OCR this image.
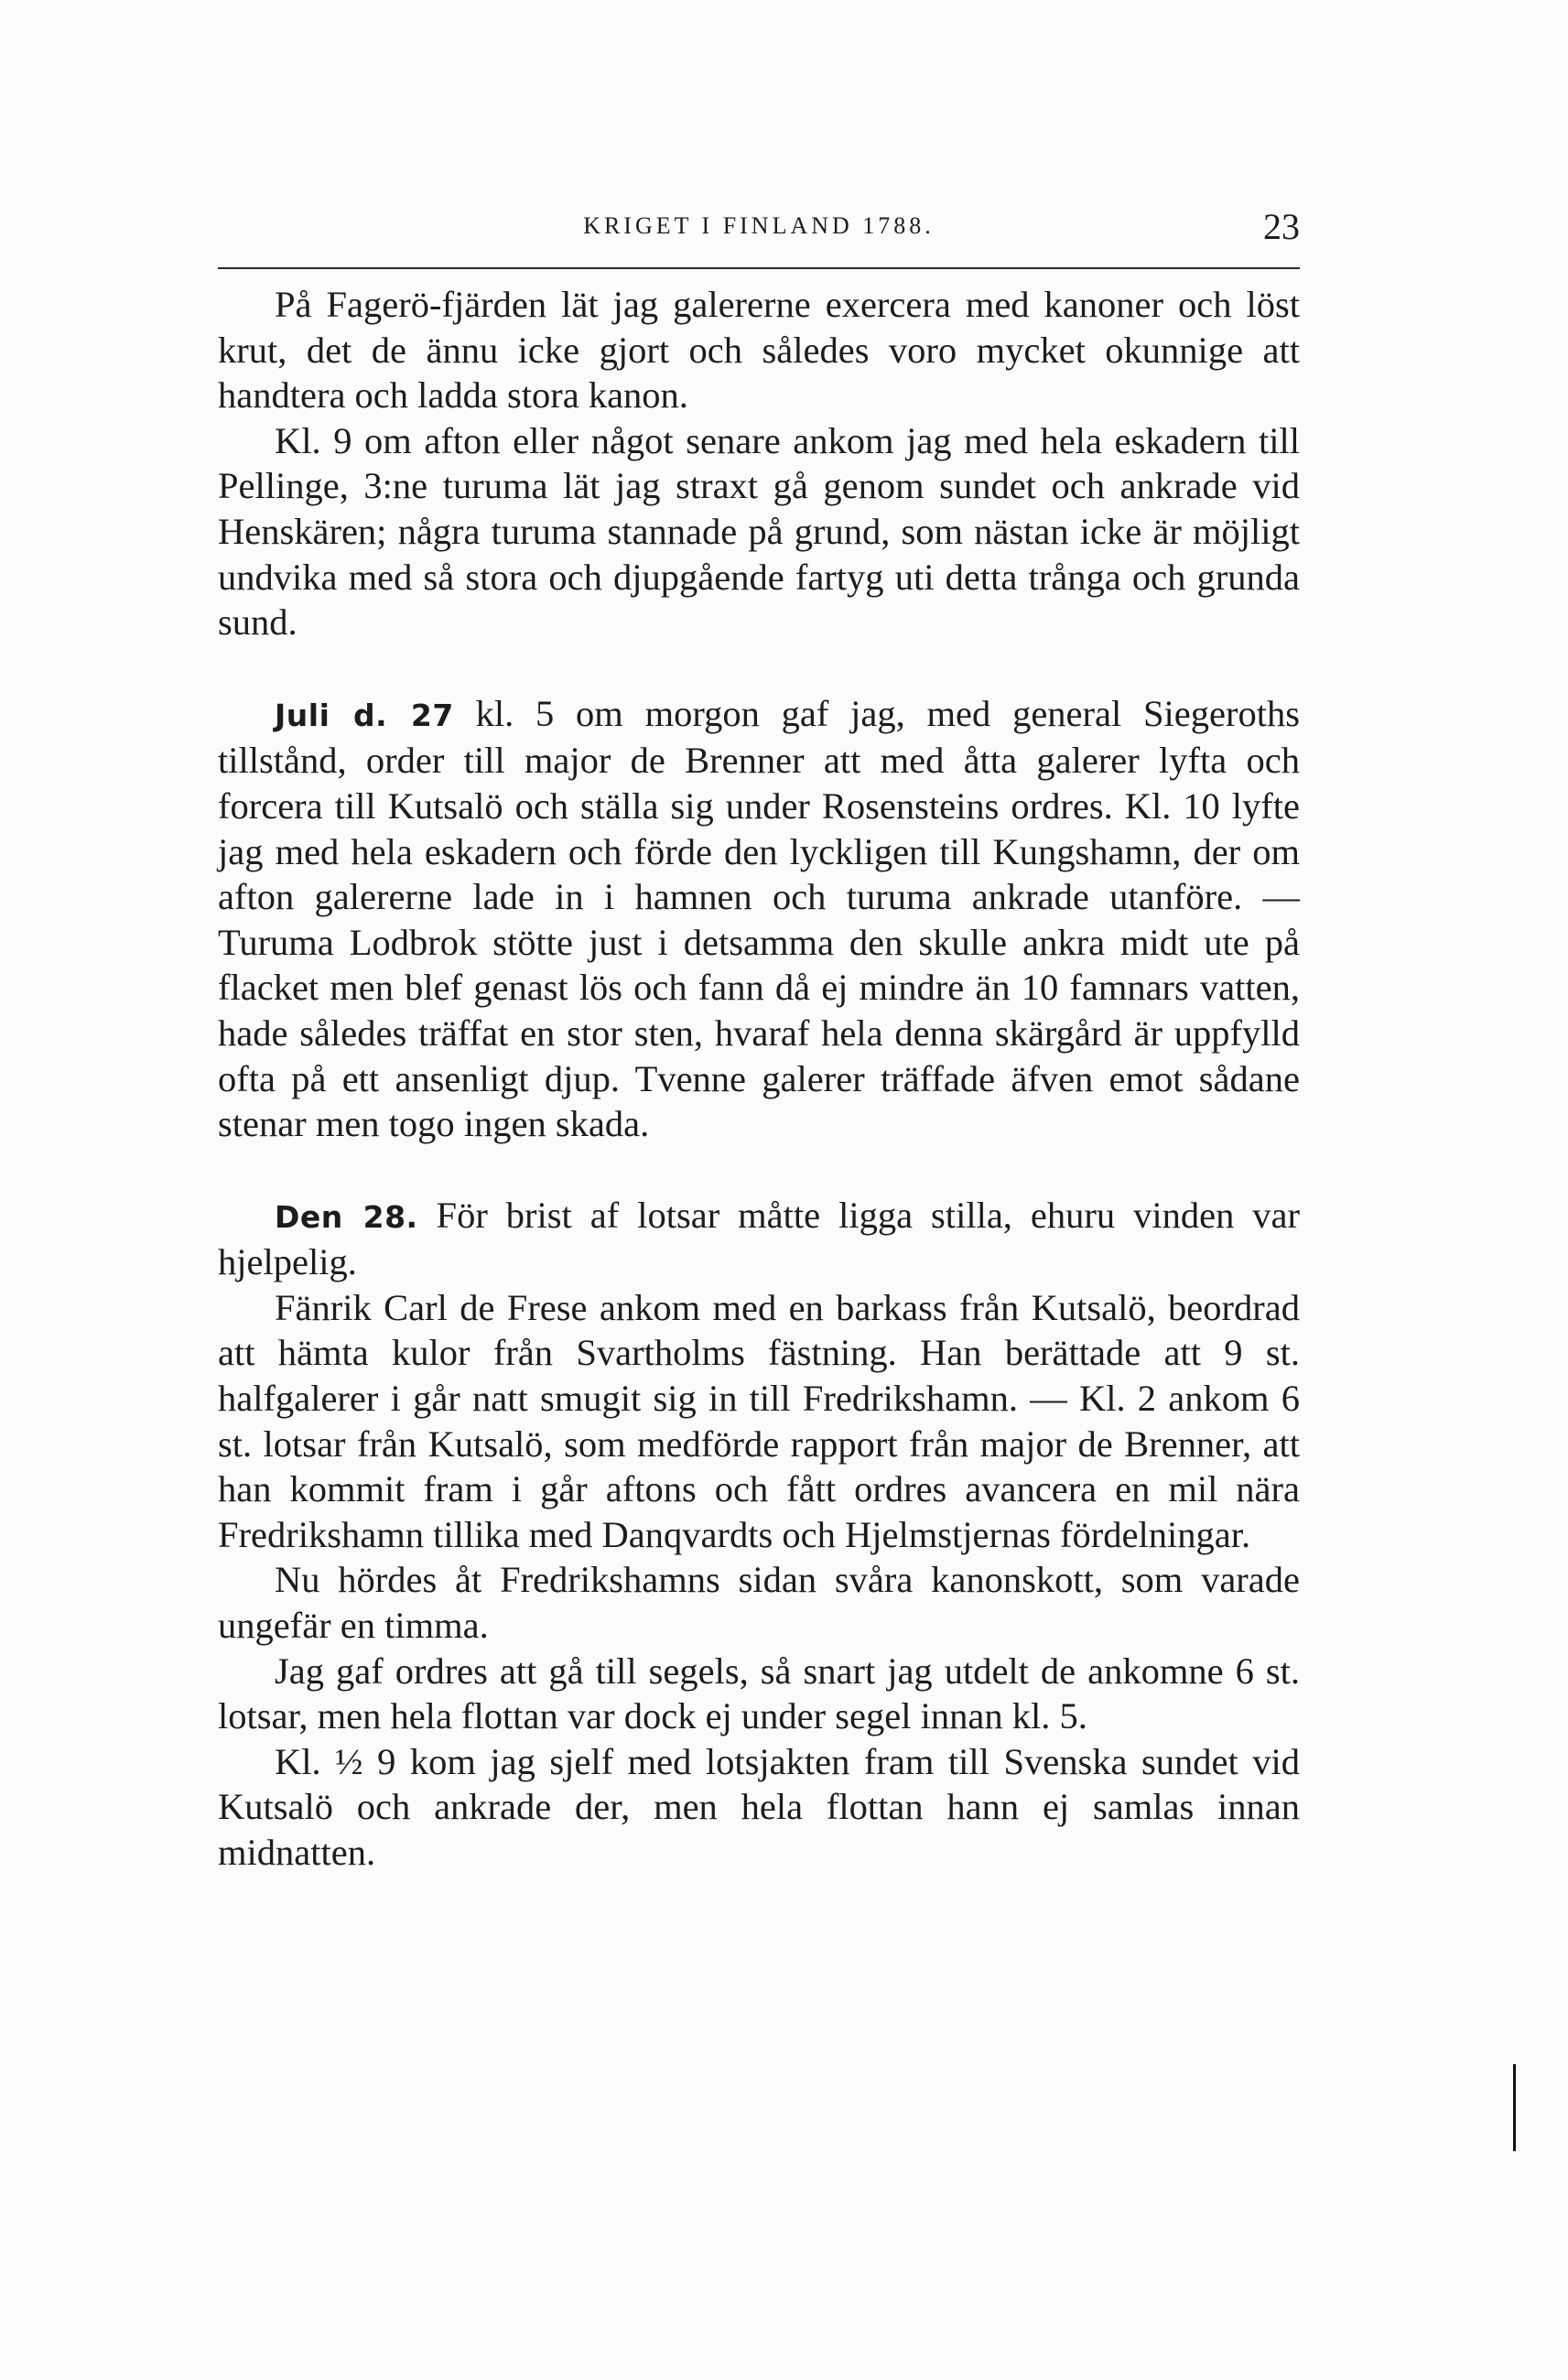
KRIGET I FINLAND 1788.	23

På Fagerö-fjärden lät jag galererne exercera med kanoner och löst krut, det de ännu icke gjort och således voro mycket okunnige att handtera och ladda stora kanon.

Kl. 9 om afton eller något senare ankom jag med hela eskadern till Pellinge, 3:ne turuma lät jag straxt gå genom sundet och ankrade vid Henskären; några turuma stannade på grund, som nästan icke är möjligt undvika med så stora och djupgående fartyg uti detta trånga och grunda sund.

Juli d. 27 kl. 5 om morgon gaf jag, med general Siegeroths tillstånd, order till major de Brenner att med åtta galerer lyfta och forcera till Kutsalö och ställa sig under Rosensteins ordres. Kl. 10 lyfte jag med hela eskadern och förde den lyckligen till Kungshamn, der om afton galererne lade in i hamnen och turuma ankrade utanföre. — Turuma Lodbrok stötte just i detsamma den skulle ankra midt ute på flacket men blef genast lös och fann då ej mindre än 10 famnars vatten, hade således träffat en stor sten, hvaraf hela denna skärgård är uppfylld ofta på ett ansenligt djup. Tvenne galerer träffade äfven emot sådane stenar men togo ingen skada.

Den 28. För brist af lotsar måtte ligga stilla, ehuru vinden var hjelpelig.

Fänrik Carl de Frese ankom med en barkass från Kutsalö, beordrad att hämta kulor från Svartholms fästning. Han berättade att 9 st. halfgalerer i går natt smugit sig in till Fredrikshamn. — Kl. 2 ankom 6 st. lotsar från Kutsalö, som medförde rapport från major de Brenner, att han kommit fram i går aftons och fått ordres avancera en mil nära Fredrikshamn tillika med Danqvardts och Hjelmstjernas fördelningar.

Nu hördes åt Fredrikshamns sidan svåra kanonskott, som varade ungefär en timma.

Jag gaf ordres att gå till segels, så snart jag utdelt de ankomne 6 st. lotsar, men hela flottan var dock ej under segel innan kl. 5.

Kl. ½ 9 kom jag sjelf med lotsjakten fram till Svenska sundet vid Kutsalö och ankrade der, men hela flottan hann ej samlas innan midnatten.
